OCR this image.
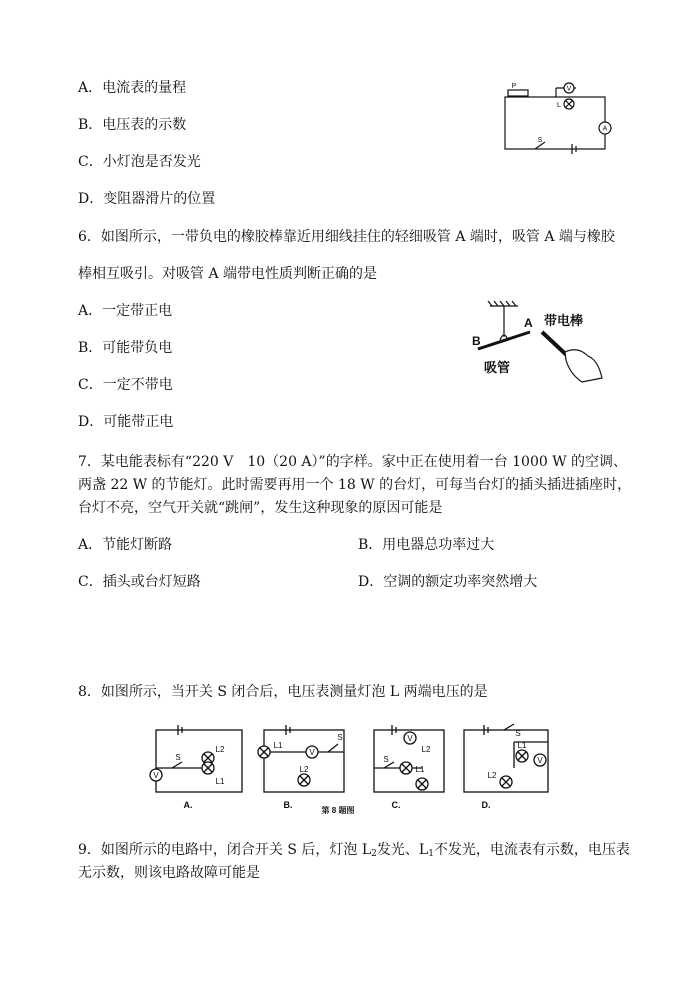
A．电流表的量程
B．电压表的示数
C．小灯泡是否发光
D．变阻器滑片的位置
P	V
L
A
S
6．如图所示，一带负电的橡胶棒靠近用细线挂住的轻细吸管 A 端时，吸管 A 端与橡胶
棒相互吸引。对吸管 A 端带电性质判断正确的是
A．一定带正电
B．可能带负电
C．一定不带电
D．可能带正电
B
A 带电棒
吸管
7．某电能表标有“220 V　10（20 A）”的字样。家中正在使用着一台 1000 W 的空调、
两盏 22 W 的节能灯。此时需要再用一个 18 W 的台灯，可每当台灯的插头插进插座时，
台灯不亮，空气开关就“跳闸”，发生这种现象的原因可能是
A．节能灯断路	B．用电器总功率过大
C．插头或台灯短路	D．空调的额定功率突然增大
8．如图所示，当开关 S 闭合后，电压表测量灯泡 L 两端电压的是
V
L2
L1
S
V
L1
L2
S	V
L2
L1
S	V
L1
L2
S
A.	B.	C.	D.
第 8 题图
9．如图所示的电路中，闭合开关 S 后，灯泡 $L_2$发光、$L_1$不发光，电流表有示数，电压表
无示数，则该电路故障可能是
